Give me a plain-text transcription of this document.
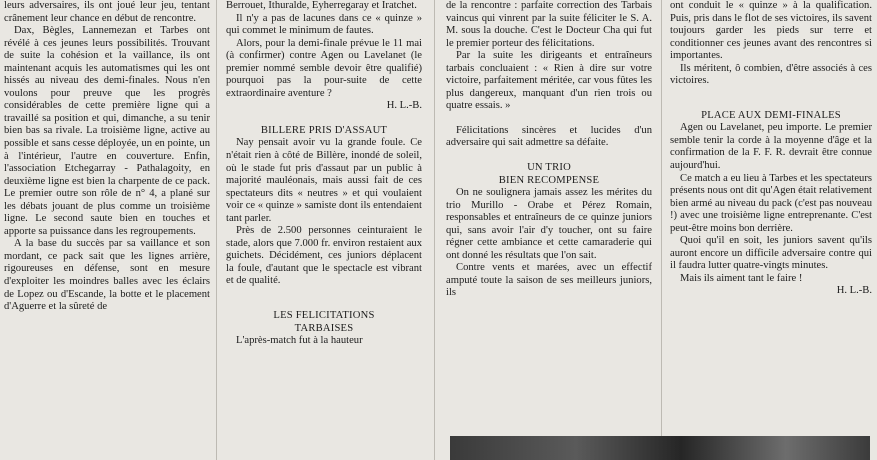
leurs adversaires, ils ont joué leur jeu, tentant crânement leur chance en début de rencontre.

Dax, Bègles, Lannemezan et Tarbes ont révélé à ces jeunes leurs possibilités. Trouvant de suite la cohésion et la vaillance, ils ont maintenant acquis les automatismes qui les ont hissés au niveau des demi-finales. Nous n'en voulons pour preuve que les progrès considérables de cette première ligne qui a travaillé sa position et qui, dimanche, a su tenir bien bas sa rivale. La troisième ligne, active au possible et sans cesse déployée, un en pointe, un à l'intérieur, l'autre en couverture. Enfin, l'association Etchegarray - Pathalagoity, en deuxième ligne est bien la charpente de ce pack. Le premier outre son rôle de n° 4, a plané sur les débats jouant de plus comme un troisième ligne. Le second saute bien en touches et apporte sa puissance dans les regroupements.

A la base du succès par sa vaillance et son mordant, ce pack sait que les lignes arrière, rigoureuses en défense, sont en mesure d'exploiter les moindres balles avec les éclairs de Lopez ou d'Escande, la botte et le placement d'Aguerre et la sûreté de

Berrouet, Ithuralde, Eyherregaray et Iratchet.

Il n'y a pas de lacunes dans ce « quinze » qui commet le minimum de fautes.

Alors, pour la demi-finale prévue le 11 mai (à confirmer) contre Agen ou Lavelanet (le premier nommé semble devoir être qualifié) pourquoi pas la pour-suite de cette extraordinaire aventure ?

H. L.-B.

BILLERE PRIS D'ASSAUT

Nay pensait avoir vu la grande foule. Ce n'était rien à côté de Billère, inondé de soleil, où le stade fut pris d'assaut par un public à majorité mauléonais, mais aussi fait de ces spectateurs dits « neutres » et qui voulaient voir ce « quinze » samiste dont ils entendaient tant parler.

Près de 2.500 personnes ceinturaient le stade, alors que 7.000 fr. environ restaient aux guichets. Décidément, ces juniors déplacent la foule, d'autant que le spectacle est vibrant et de qualité.

LES FELICITATIONS
TARBAISES

L'après-match fut à la hauteur

de la rencontre : parfaite correction des Tarbais vaincus qui vinrent par la suite féliciter le S. A. M. sous la douche. C'est le Docteur Cha qui fut le premier porteur des félicitations.

Par la suite les dirigeants et entraîneurs tarbais concluaient : « Rien à dire sur votre victoire, parfaitement méritée, car vous fûtes les plus dangereux, manquant d'un rien trois ou quatre essais. »

Félicitations sincères et lucides d'un adversaire qui sait admettre sa défaite.

UN TRIO
BIEN RECOMPENSE

On ne soulignera jamais assez les mérites du trio Murillo - Orabe et Pérez Romain, responsables et entraîneurs de ce quinze juniors qui, sans avoir l'air d'y toucher, ont su faire régner cette ambiance et cette camaraderie qui ont donné les résultats que l'on sait.

Contre vents et marées, avec un effectif amputé toute la saison de ses meilleurs juniors, ils

ont conduit le « quinze » à la qualification. Puis, pris dans le flot de ses victoires, ils savent toujours garder les pieds sur terre et conditionner ces jeunes avant des rencontres si importantes.

Ils méritent, ô combien, d'être associés à ces victoires.

PLACE AUX DEMI-FINALES

Agen ou Lavelanet, peu importe. Le premier semble tenir la corde à la moyenne d'âge et la confirmation de la F. F. R. devrait être connue aujourd'hui.

Ce match a eu lieu à Tarbes et les spectateurs présents nous ont dit qu'Agen était relativement bien armé au niveau du pack (c'est pas nouveau !) avec une troisième ligne entreprenante. C'est peut-être moins bon derrière.

Quoi qu'il en soit, les juniors savent qu'ils auront encore un difficile adversaire contre qui il faudra lutter quatre-vingts minutes.

Mais ils aiment tant le faire !

H. L.-B.
